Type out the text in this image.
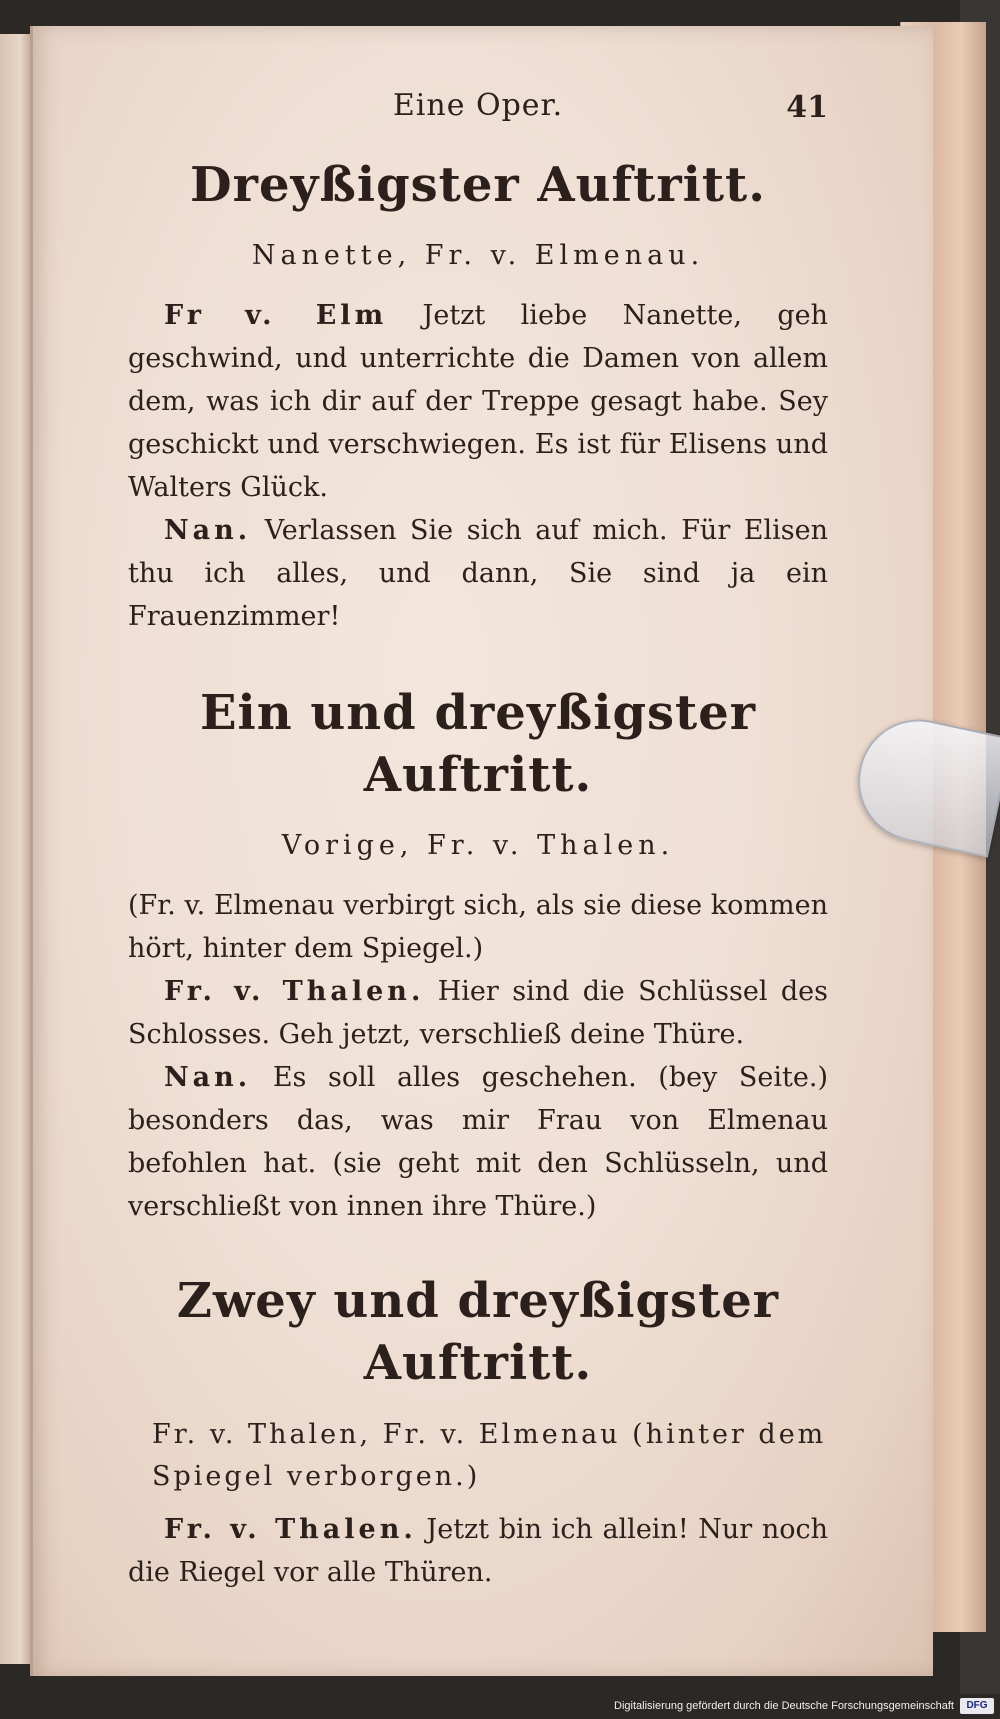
Eine Oper.	41
Dreyßigster Auftritt.
Nanette, Fr. v. Elmenau.

Fr v. Elm Jetzt liebe Nanette, geh geschwind, und unterrichte die Damen von allem dem, was ich dir auf der Treppe gesagt habe. Sey geschickt und verschwiegen. Es ist für Elisens und Walters Glück.

Nan. Verlassen Sie sich auf mich. Für Elisen thu ich alles, und dann, Sie sind ja ein Frauenzimmer!

Ein und dreyßigster Auftritt.
Vorige, Fr. v. Thalen.

(Fr. v. Elmenau verbirgt sich, als sie diese kommen hört, hinter dem Spiegel.)

Fr. v. Thalen. Hier sind die Schlüssel des Schlosses. Geh jetzt, verschließ deine Thüre.

Nan. Es soll alles geschehen. (bey Seite.) besonders das, was mir Frau von Elmenau befohlen hat. (sie geht mit den Schlüsseln, und verschließt von innen ihre Thüre.)

Zwey und dreyßigster Auftritt.
Fr. v. Thalen, Fr. v. Elmenau (hinter dem Spiegel verborgen.)

Fr. v. Thalen. Jetzt bin ich allein! Nur noch die Riegel vor alle Thüren.

Digitalisierung gefördert durch die Deutsche Forschungsgemeinschaft	DFG
